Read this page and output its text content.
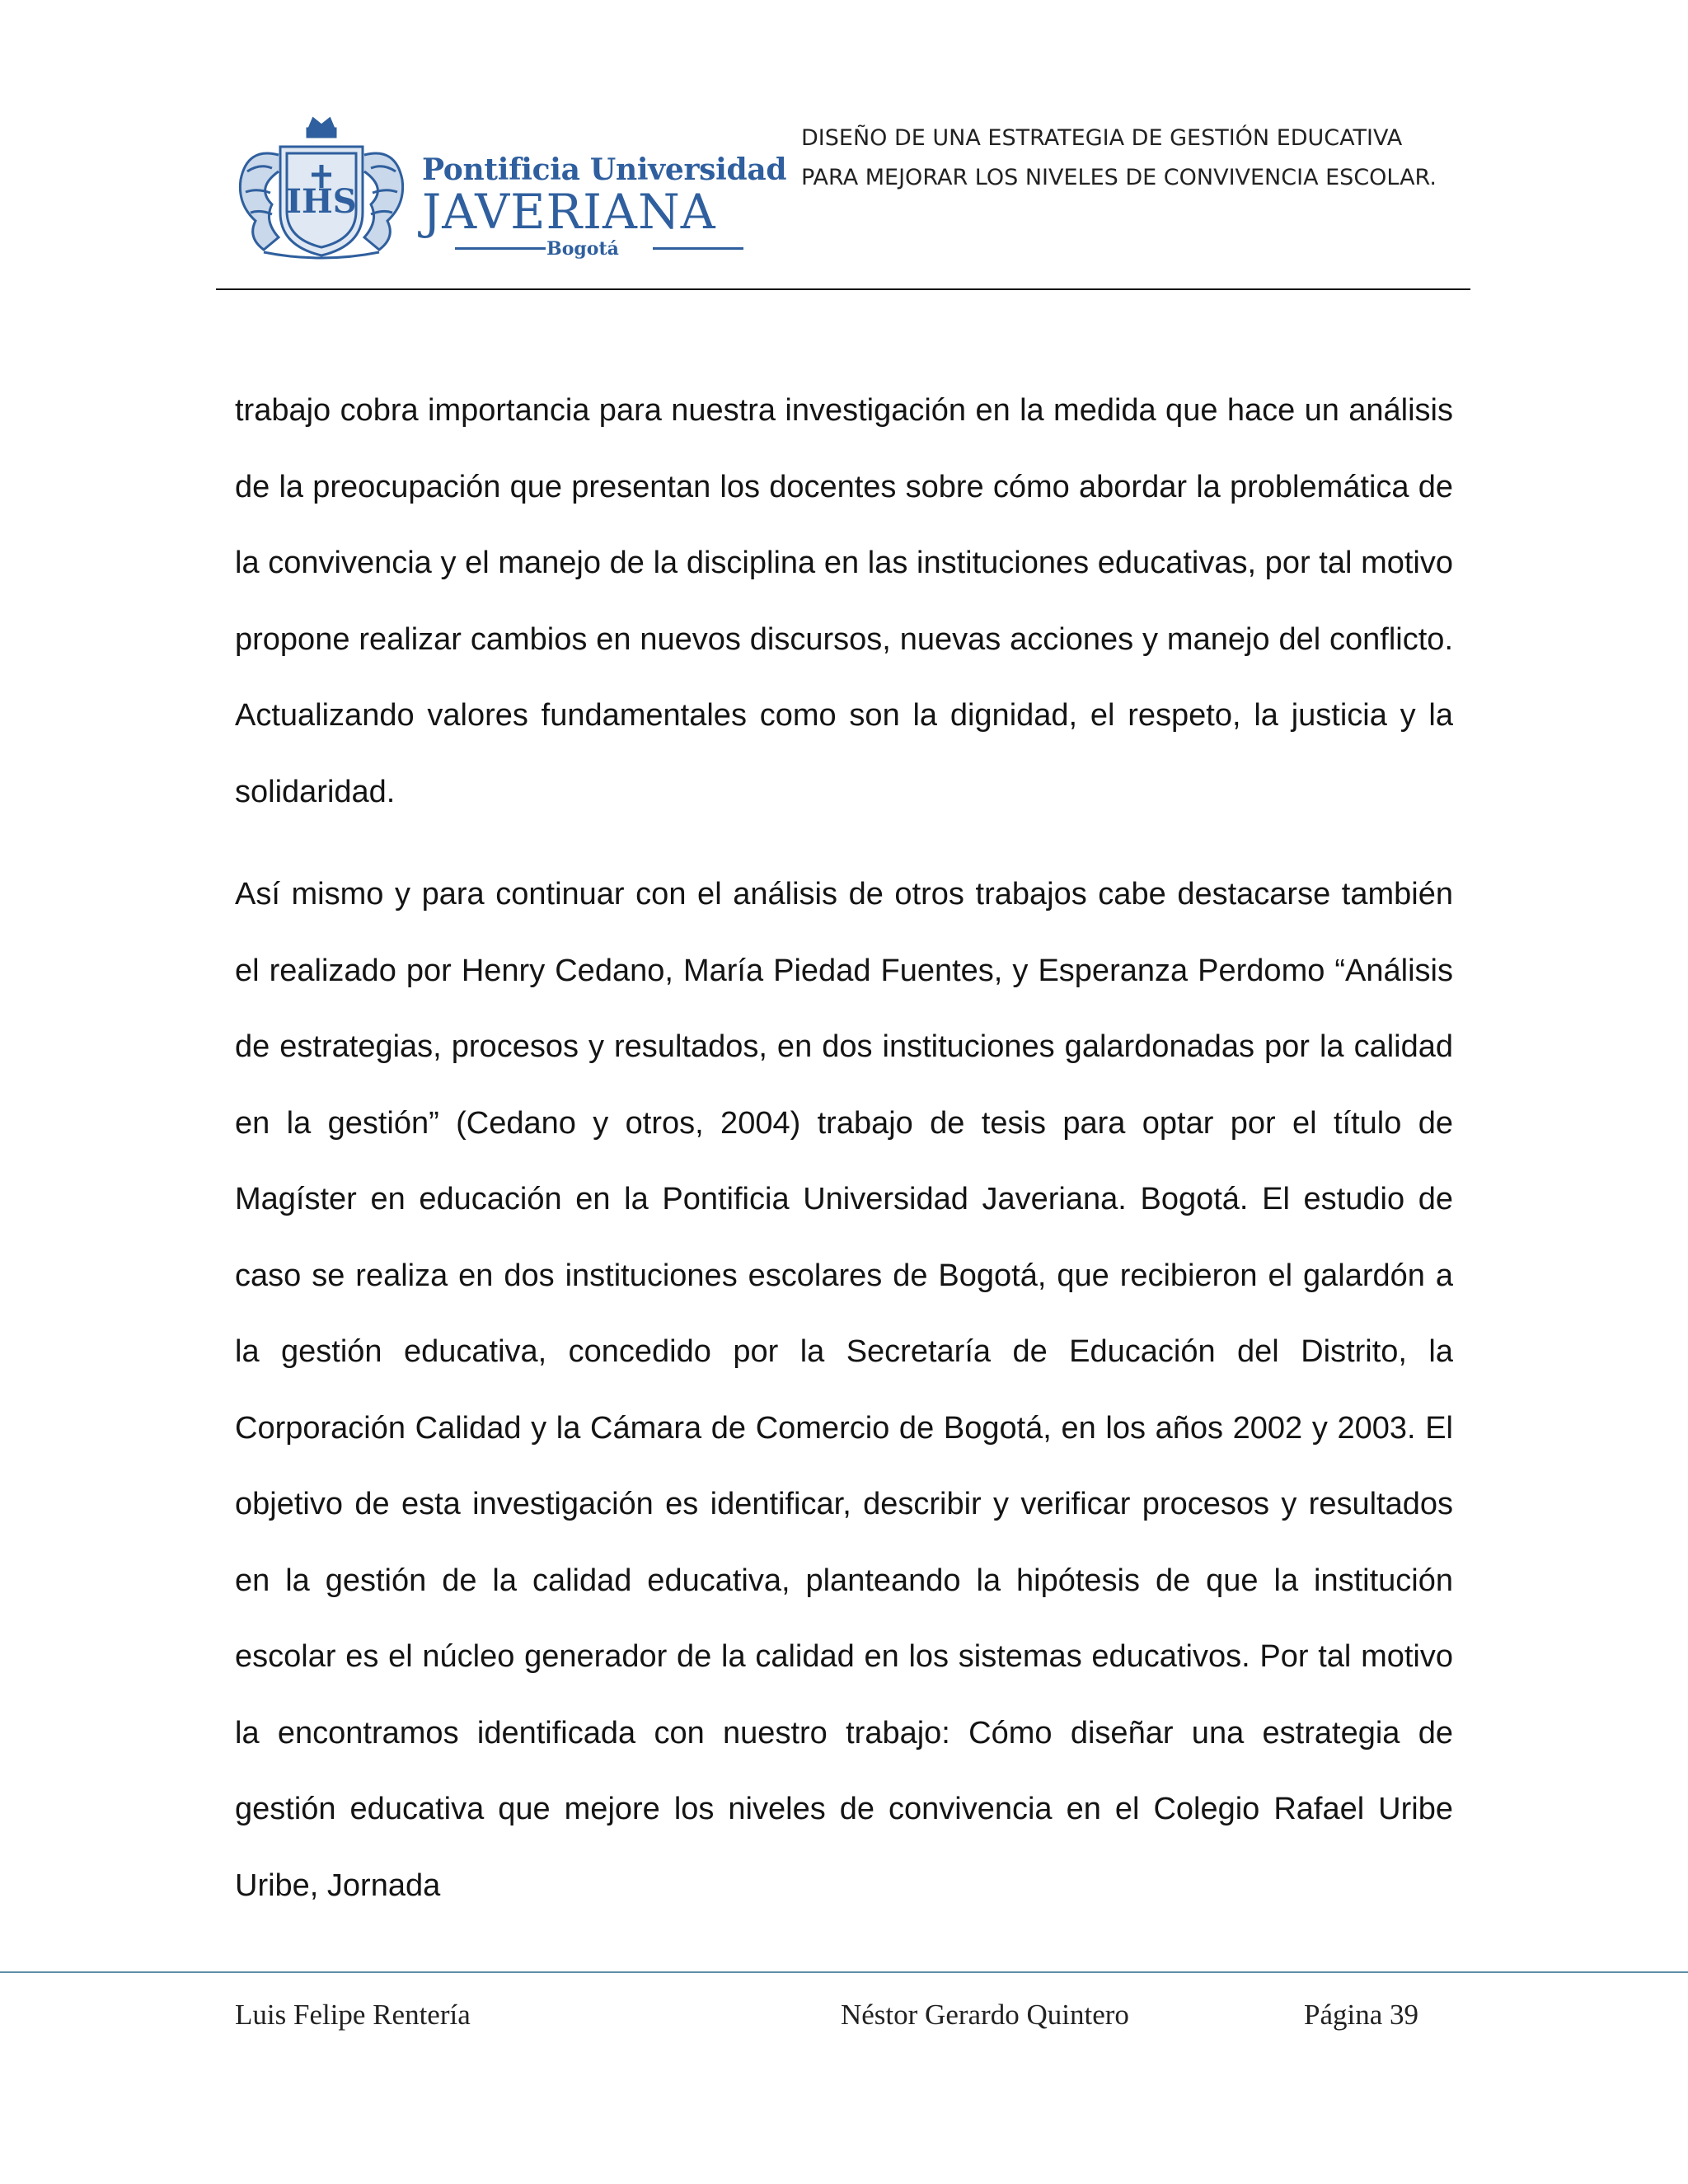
IHS
Pontificia Universidad
JAVERIANA
Bogotá
DISEÑO DE UNA ESTRATEGIA DE GESTIÓN EDUCATIVA
PARA MEJORAR LOS NIVELES DE CONVIVENCIA ESCOLAR.

trabajo cobra importancia para nuestra investigación en la medida que hace un análisis de la preocupación que presentan los docentes sobre cómo abordar la problemática de la convivencia y el manejo de la disciplina en las instituciones educativas, por tal motivo propone realizar cambios en nuevos discursos, nuevas acciones y manejo del conflicto. Actualizando valores fundamentales como son la dignidad, el respeto, la justicia y la solidaridad.

Así mismo y para continuar con el análisis de otros trabajos cabe destacarse también el realizado por Henry Cedano, María Piedad Fuentes, y Esperanza Perdomo “Análisis de estrategias, procesos y resultados, en dos instituciones galardonadas por la calidad en la gestión” (Cedano y otros, 2004) trabajo de tesis para optar por el título de Magíster en educación en la Pontificia Universidad Javeriana. Bogotá. El estudio de caso se realiza en dos instituciones escolares de Bogotá, que recibieron el galardón a la gestión educativa, concedido por la Secretaría de Educación del Distrito, la Corporación Calidad y la Cámara de Comercio de Bogotá, en los años 2002 y 2003. El objetivo de esta investigación es identificar, describir y verificar procesos y resultados en la gestión de la calidad educativa, planteando la hipótesis de que la institución escolar es el núcleo generador de la calidad en los sistemas educativos. Por tal motivo la encontramos identificada con nuestro trabajo: Cómo diseñar una estrategia de gestión educativa que mejore los niveles de convivencia en el Colegio Rafael Uribe Uribe, Jornada

Luis Felipe Rentería	Néstor Gerardo Quintero	Página 39
